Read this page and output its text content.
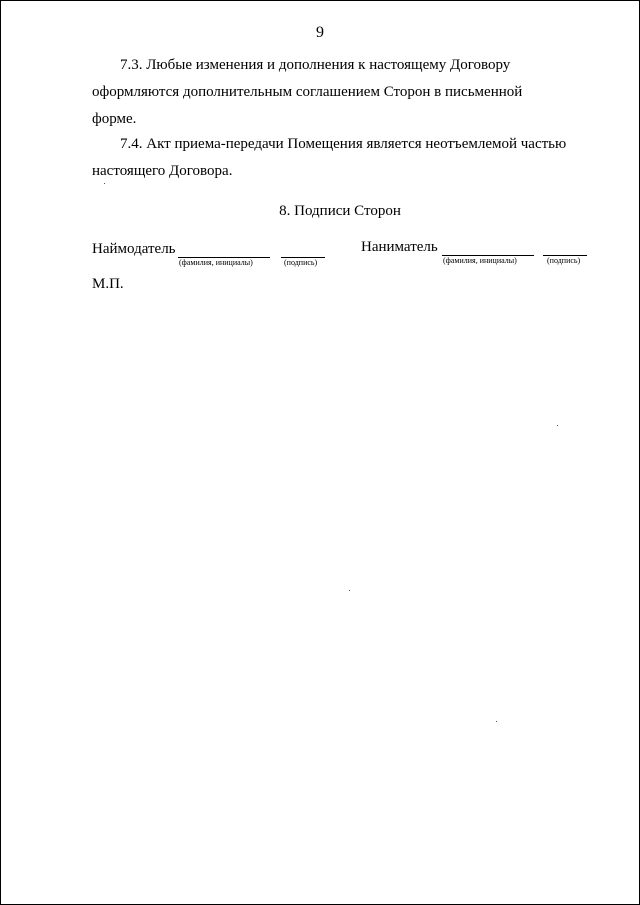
9
7.3. Любые изменения и дополнения к настоящему Договору
оформляются дополнительным соглашением Сторон в письменной
форме.
7.4. Акт приема-передачи Помещения является неотъемлемой частью
настоящего Договора.
8. Подписи Сторон
Наймодатель
(фамилия, инициалы)	(подпись)
Наниматель
(фамилия, инициалы)	(подпись)
М.П.
